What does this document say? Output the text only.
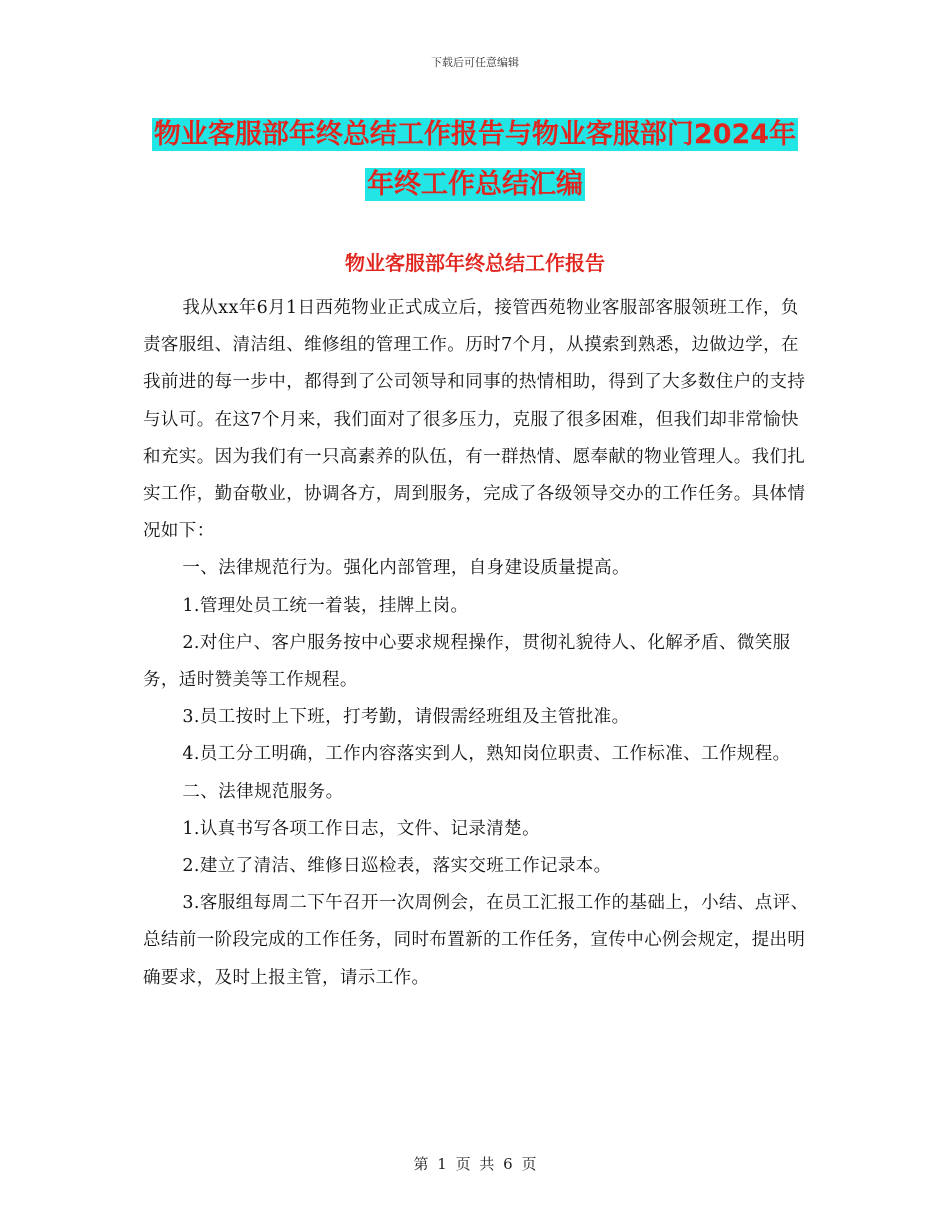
下载后可任意编辑
物业客服部年终总结工作报告与物业客服部门2024年
年终工作总结汇编
物业客服部年终总结工作报告

我从xx年6月1日西苑物业正式成立后，接管西苑物业客服部客服领班工作，负责客服组、清洁组、维修组的管理工作。历时7个月，从摸索到熟悉，边做边学，在我前进的每一步中，都得到了公司领导和同事的热情相助，得到了大多数住户的支持与认可。在这7个月来，我们面对了很多压力，克服了很多困难，但我们却非常愉快和充实。因为我们有一只高素养的队伍，有一群热情、愿奉献的物业管理人。我们扎实工作，勤奋敬业，协调各方，周到服务，完成了各级领导交办的工作任务。具体情况如下：

一、法律规范行为。强化内部管理，自身建设质量提高。

1.管理处员工统一着装，挂牌上岗。

2.对住户、客户服务按中心要求规程操作，贯彻礼貌待人、化解矛盾、微笑服务，适时赞美等工作规程。

3.员工按时上下班，打考勤，请假需经班组及主管批准。

4.员工分工明确，工作内容落实到人，熟知岗位职责、工作标准、工作规程。

二、法律规范服务。

1.认真书写各项工作日志，文件、记录清楚。

2.建立了清洁、维修日巡检表，落实交班工作记录本。

3.客服组每周二下午召开一次周例会，在员工汇报工作的基础上，小结、点评、总结前一阶段完成的工作任务，同时布置新的工作任务，宣传中心例会规定，提出明确要求，及时上报主管，请示工作。

第 1 页 共 6 页
